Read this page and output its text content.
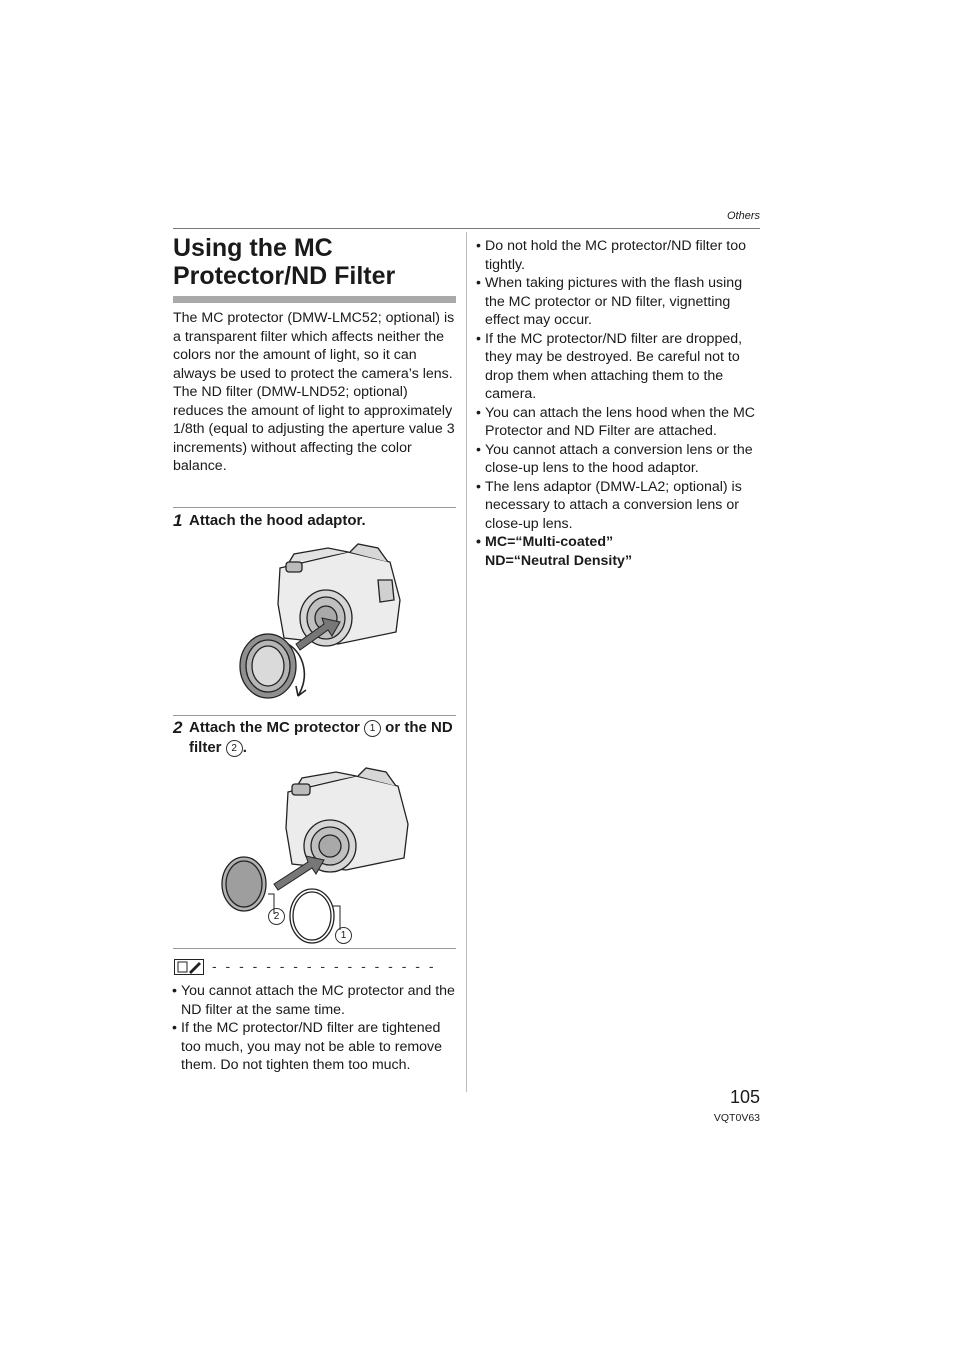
Others
Using the MC
Protector/ND Filter

The MC protector (DMW-LMC52; optional) is a transparent filter which affects neither the colors nor the amount of light, so it can always be used to protect the camera’s lens.

The ND filter (DMW-LND52; optional) reduces the amount of light to approximately 1/8th (equal to adjusting the aperture value 3 increments) without affecting the color balance.

1 Attach the hood adaptor.
2 Attach the MC protector 1 or the ND filter 2 .
2
1
- - - - - - - - - - - - - - - - -
• You cannot attach the MC protector and the ND filter at the same time.
• If the MC protector/ND filter are tightened too much, you may not be able to remove them. Do not tighten them too much.
• Do not hold the MC protector/ND filter too tightly.
• When taking pictures with the flash using the MC protector or ND filter, vignetting effect may occur.
• If the MC protector/ND filter are dropped, they may be destroyed. Be careful not to drop them when attaching them to the camera.
• You can attach the lens hood when the MC Protector and ND Filter are attached.
• You cannot attach a conversion lens or the close-up lens to the hood adaptor.
• The lens adaptor (DMW-LA2; optional) is necessary to attach a conversion lens or close-up lens.
• MC=“Multi-coated”
ND=“Neutral Density”
105
VQT0V63
